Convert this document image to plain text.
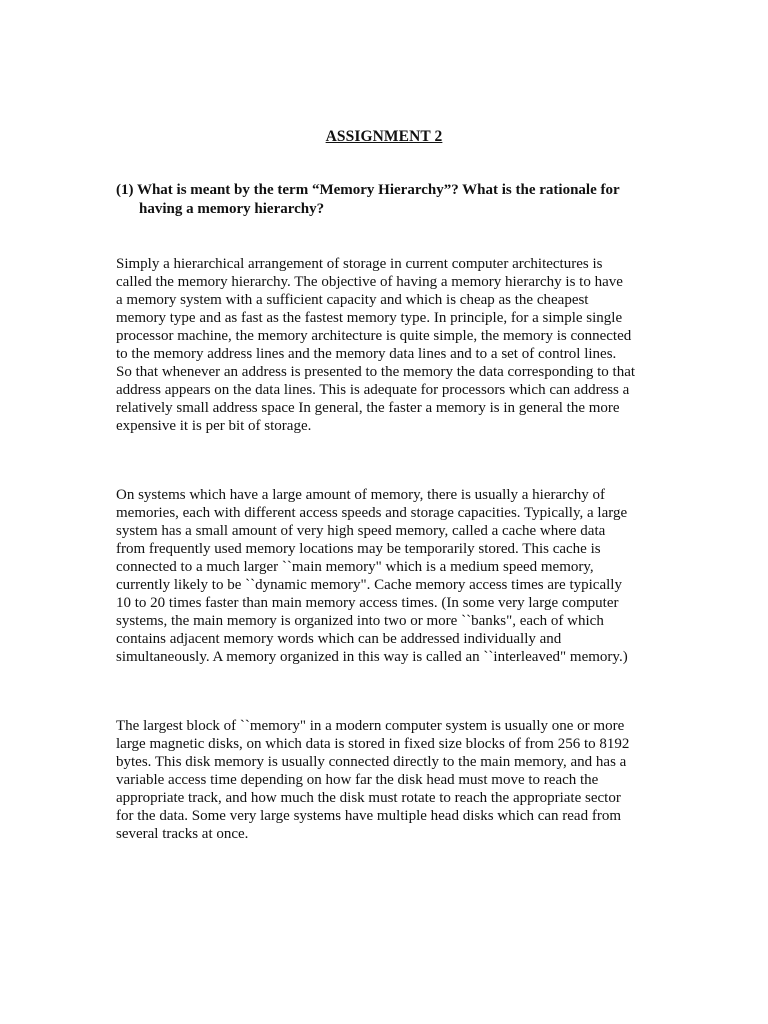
ASSIGNMENT 2
(1) What is meant by the term “Memory Hierarchy”? What is the rationale for
having a memory hierarchy?
Simply a hierarchical arrangement of storage in current computer architectures is
called the memory hierarchy. The objective of having a memory hierarchy is to have
a memory system with a sufficient capacity and which is cheap as the cheapest
memory type and as fast as the fastest memory type. In principle, for a simple single
processor machine, the memory architecture is quite simple, the memory is connected
to the memory address lines and the memory data lines and to a set of control lines.
So that whenever an address is presented to the memory the data corresponding to that
address appears on the data lines. This is adequate for processors which can address a
relatively small address space In general, the faster a memory is in general the more
expensive it is per bit of storage.
On systems which have a large amount of memory, there is usually a hierarchy of
memories, each with different access speeds and storage capacities. Typically, a large
system has a small amount of very high speed memory, called a cache where data
from frequently used memory locations may be temporarily stored. This cache is
connected to a much larger ``main memory" which is a medium speed memory,
currently likely to be ``dynamic memory". Cache memory access times are typically
10 to 20 times faster than main memory access times. (In some very large computer
systems, the main memory is organized into two or more ``banks", each of which
contains adjacent memory words which can be addressed individually and
simultaneously. A memory organized in this way is called an ``interleaved" memory.)
The largest block of ``memory" in a modern computer system is usually one or more
large magnetic disks, on which data is stored in fixed size blocks of from 256 to 8192
bytes. This disk memory is usually connected directly to the main memory, and has a
variable access time depending on how far the disk head must move to reach the
appropriate track, and how much the disk must rotate to reach the appropriate sector
for the data. Some very large systems have multiple head disks which can read from
several tracks at once.
